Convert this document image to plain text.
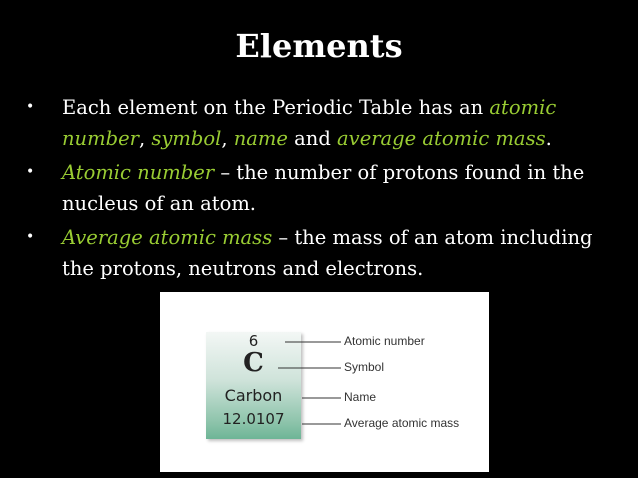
Elements
• Each element on the Periodic Table has an atomic number, symbol, name and average atomic mass.
• Atomic number – the number of protons found in the nucleus of an atom.
• Average atomic mass – the mass of an atom including the protons, neutrons and electrons.
6
C
Carbon
12.0107
Atomic number
Symbol
Name
Average atomic mass
